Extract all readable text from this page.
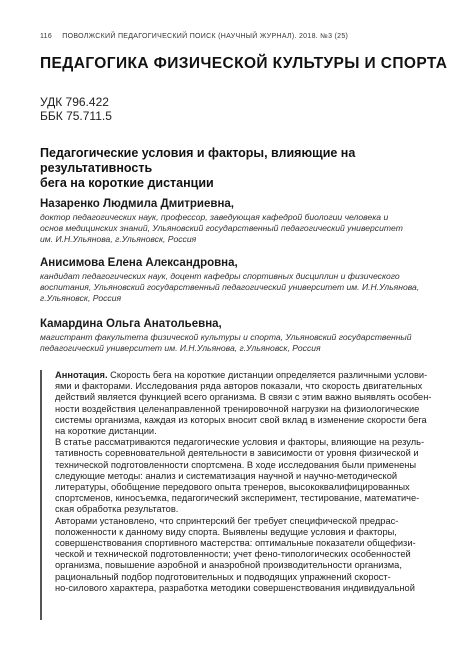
116 ПОВОЛЖСКИЙ ПЕДАГОГИЧЕСКИЙ ПОИСК (НАУЧНЫЙ ЖУРНАЛ). 2018. №3 (25)
ПЕДАГОГИКА ФИЗИЧЕСКОЙ КУЛЬТУРЫ И СПОРТА
УДК 796.422
ББК 75.711.5
Педагогические условия и факторы, влияющие на результативность
бега на короткие дистанции
Назаренко Людмила Дмитриевна,
доктор педагогических наук, профессор, заведующая кафедрой биологии человека и
основ медицинских знаний, Ульяновский государственный педагогический университет
им. И.Н.Ульянова, г.Ульяновск, Россия
Анисимова Елена Александровна,
кандидат педагогических наук, доцент кафедры спортивных дисциплин и физического
воспитания, Ульяновский государственный педагогический университет им. И.Н.Ульянова,
г.Ульяновск, Россия
Камардина Ольга Анатольевна,
магистрант факультета физической культуры и спорта, Ульяновский государственный
педагогический университет им. И.Н.Ульянова, г.Ульяновск, Россия

Аннотация. Скорость бега на короткие дистанции определяется различными услови-
ями и факторами. Исследования ряда авторов показали, что скорость двигательных
действий является функцией всего организма. В связи с этим важно выявлять особен-
ности воздействия целенаправленной тренировочной нагрузки на физиологические
системы организма, каждая из которых вносит свой вклад в изменение скорости бега
на короткие дистанции.
В статье рассматриваются педагогические условия и факторы, влияющие на резуль-
тативность соревновательной деятельности в зависимости от уровня физической и
технической подготовленности спортсмена. В ходе исследования были применены
следующие методы: анализ и систематизация научной и научно-методической
литературы, обобщение передового опыта тренеров, высококвалифицированных
спортсменов, киносъемка, педагогический эксперимент, тестирование, математиче-
ская обработка результатов.
Авторами установлено, что спринтерский бег требует специфической предрас-
положенности к данному виду спорта. Выявлены ведущие условия и факторы,
совершенствования спортивного мастерства: оптимальные показатели общефизи-
ческой и технической подготовленности; учет фено-типологических особенностей
организма, повышение аэробной и анаэробной производительности организма,
рациональный подбор подготовительных и подводящих упражнений скорост-
но-силового характера, разработка методики совершенствования индивидуальной
